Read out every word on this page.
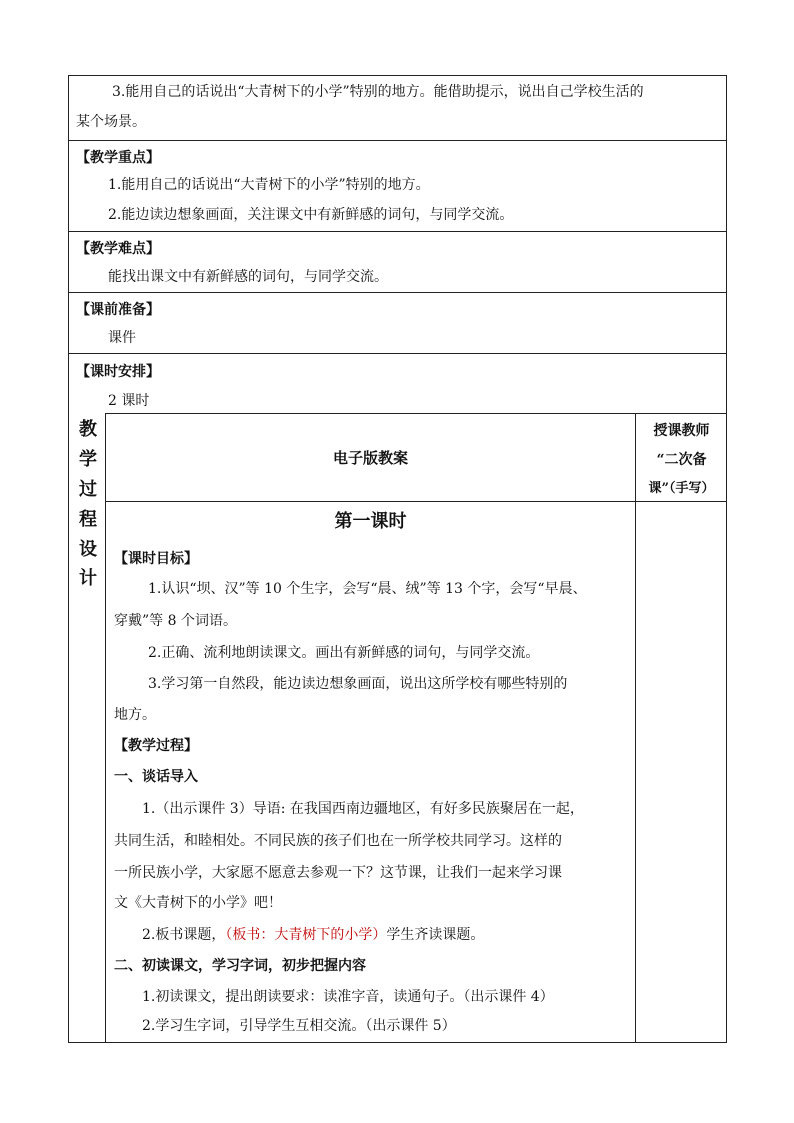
3.能用自己的话说出“大青树下的小学”特别的地方。能借助提示，说出自己学校生活的
某个场景。
【教学重点】
1.能用自己的话说出“大青树下的小学”特别的地方。
2.能边读边想象画面，关注课文中有新鲜感的词句，与同学交流。
【教学难点】
能找出课文中有新鲜感的词句，与同学交流。
【课前准备】
课件
【课时安排】
2 课时
教
学
过
程
设
计
电子版教案
授课教师
“二次备
课”（手写）
第一课时
【课时目标】
1.认识“坝、汉”等 10 个生字，会写“晨、绒”等 13 个字，会写“早晨、
穿戴”等 8 个词语。
2.正确、流利地朗读课文。画出有新鲜感的词句，与同学交流。
3.学习第一自然段，能边读边想象画面，说出这所学校有哪些特别的
地方。
【教学过程】
一、谈话导入
1.（出示课件 3）导语: 在我国西南边疆地区，有好多民族聚居在一起，
共同生活，和睦相处。不同民族的孩子们也在一所学校共同学习。这样的
一所民族小学，大家愿不愿意去参观一下？这节课，让我们一起来学习课
文《大青树下的小学》吧！
2.板书课题，（板书：大青树下的小学）学生齐读课题。
二、初读课文，学习字词，初步把握内容
1.初读课文，提出朗读要求：读准字音，读通句子。（出示课件 4）
2.学习生字词，引导学生互相交流。（出示课件 5）
